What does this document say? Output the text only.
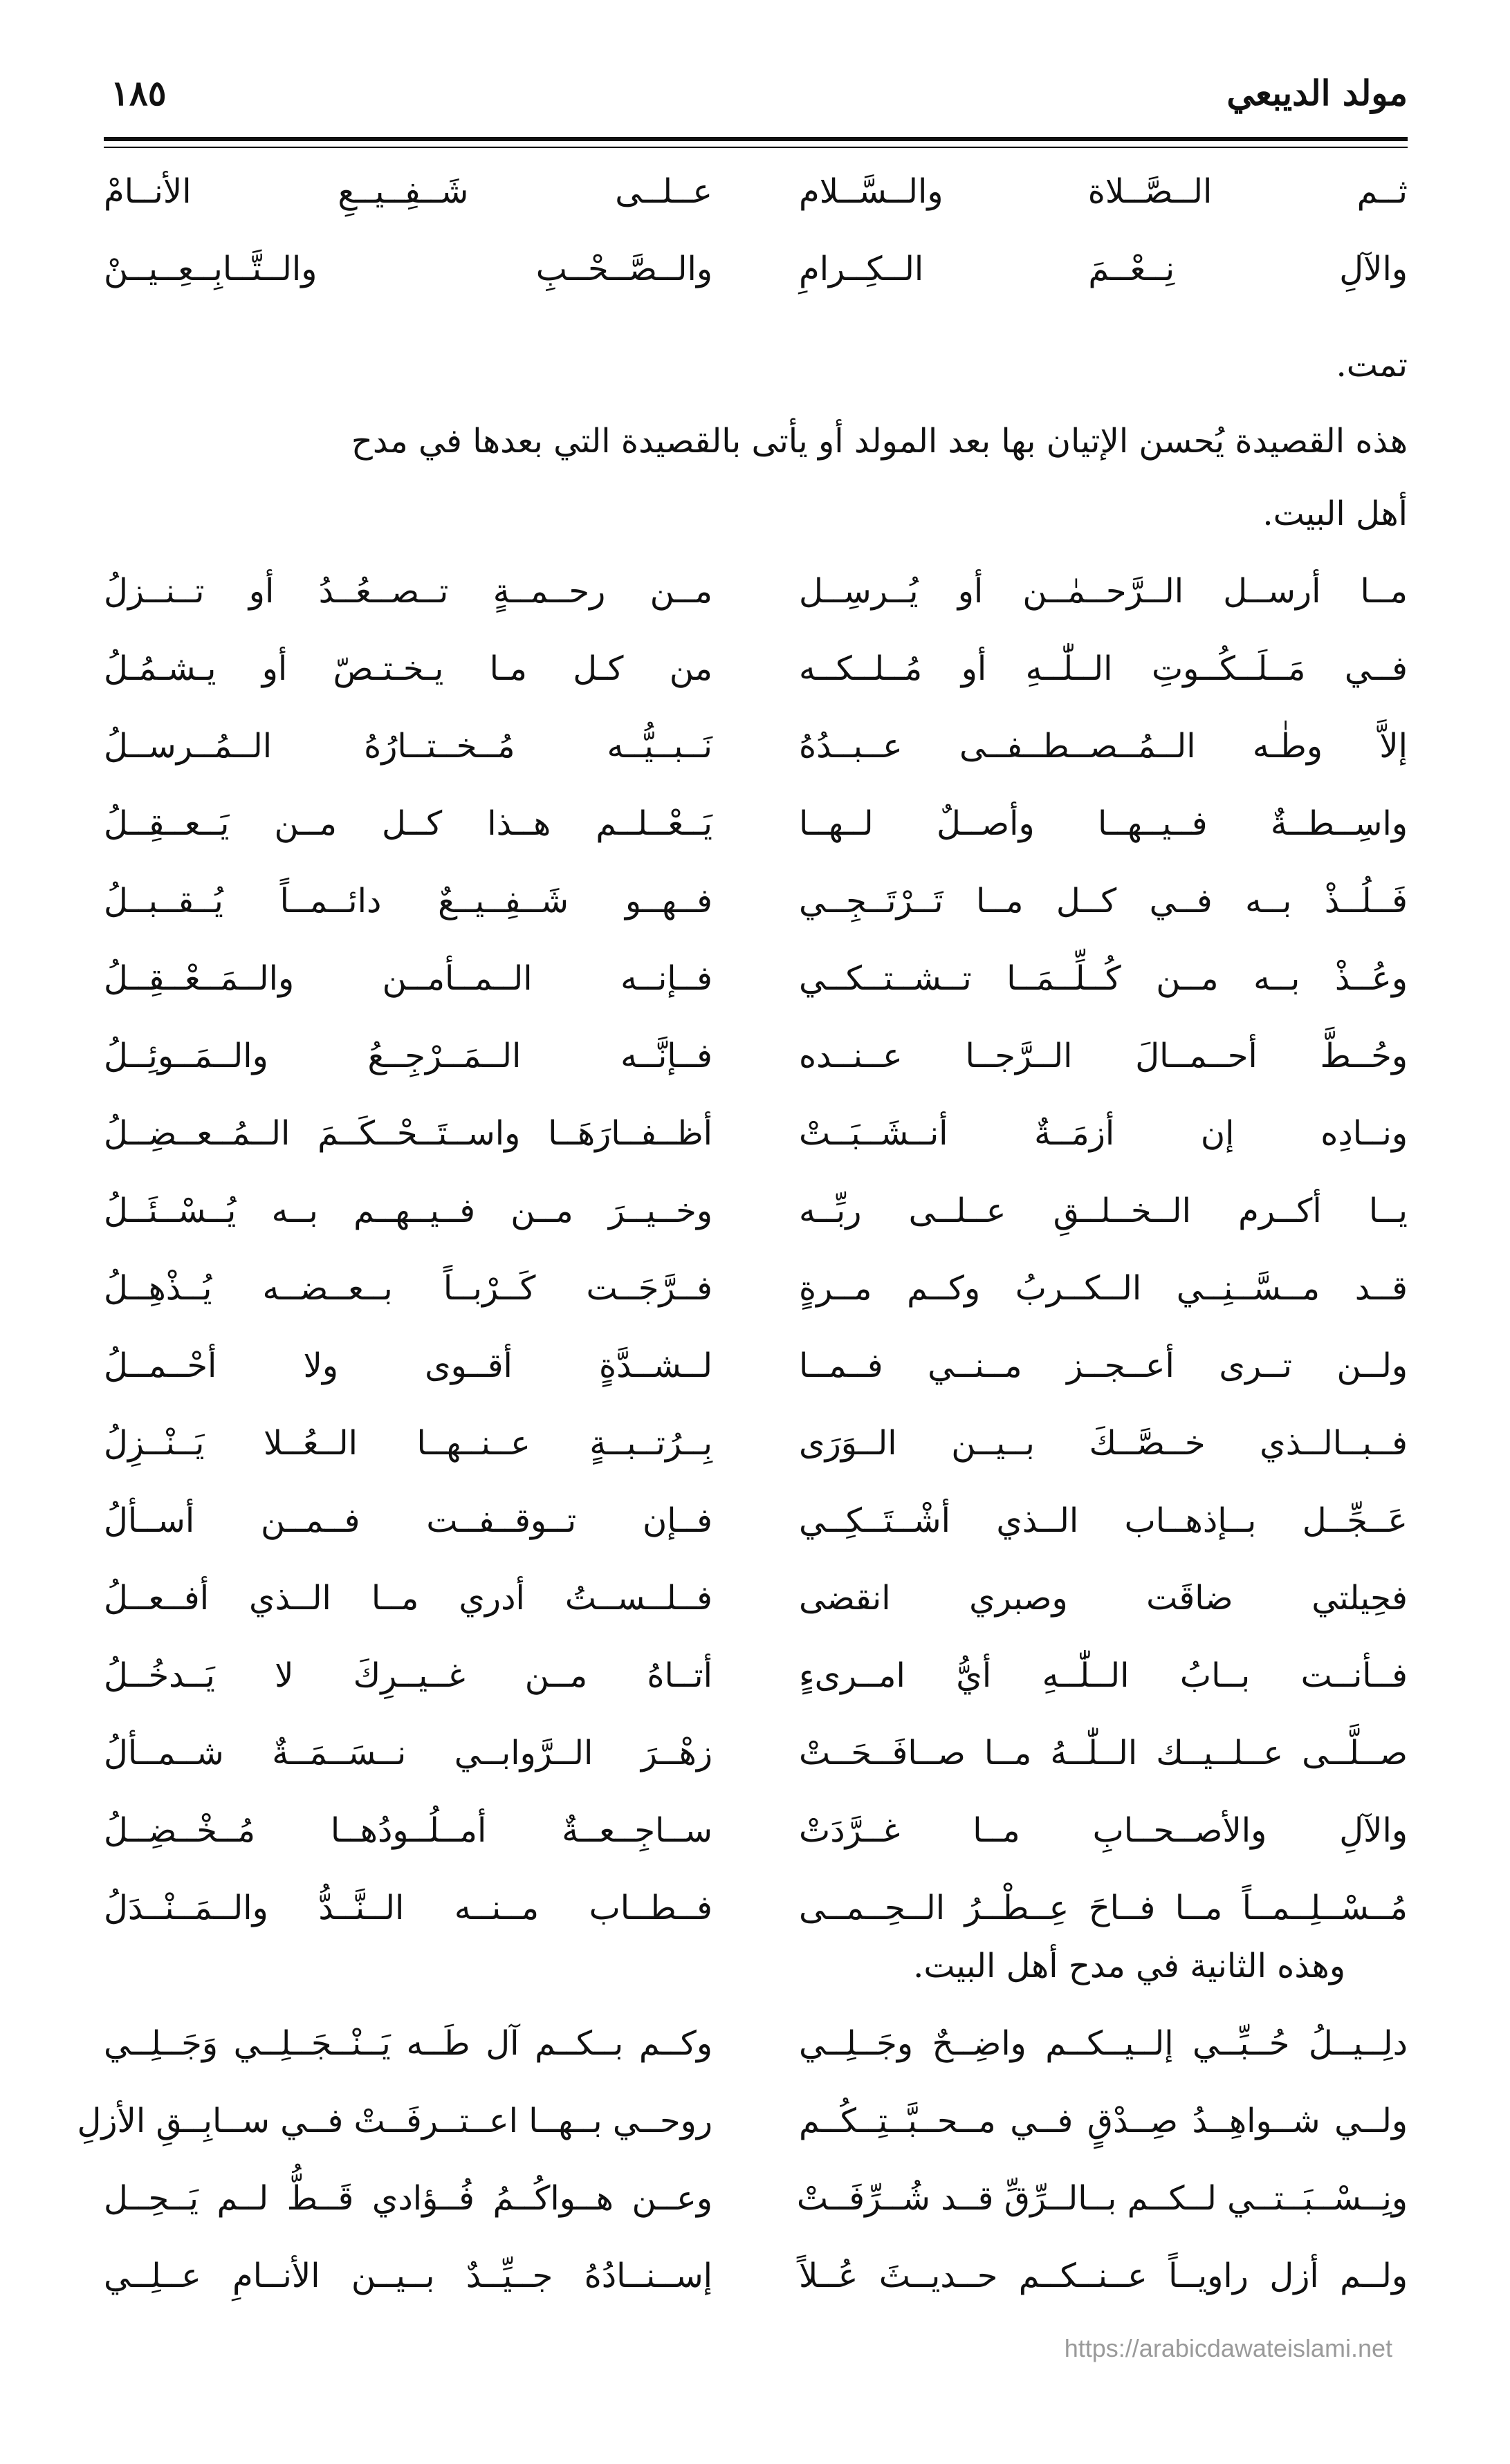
مولد الديبعي
١٨٥
ثــم الــصَّــلاة والــسَّــلام
عــلــى شَــفِــيــعِ الأنــامْ
والآلِ نِــعْــمَ الــكِــرامِ
والــصَّــحْــبِ والــتَّــابِــعِــيــنْ
تمت.
هذه القصيدة يُحسن الإتيان بها بعد المولد أو يأتى بالقصيدة التي بعدها في مدح
أهل البيت.
مــا أرســل الــرَّحــمٰــن أو يُــرسِــل
مــن رحــمــةٍ تــصــعُــدُ أو تــنــزلُ
فــي مَــلَــكُــوتِ الــلّٰــهِ أو مُــلــكــه
من كـل مـا يـخـتـصّ أو يـشـمُـلُ
إلاَّ وطٰـه الــمُــصــطــفــى عــبــدُهُ
نَــبــيُّــه مُــخــتــارُهُ الــمُــرســلُ
واسِــطــةٌ فــيــهــا وأصــلٌ لــهــا
يَــعْــلــم هــذا كــل مــن يَــعــقِــلُ
فَــلُــذْ بــه فــي كــل مــا تَــرْتَــجِــي
فــهــو شَــفِــيــعٌ دائــمــاً يُــقــبــلُ
وعُــذْ بــه مــن كُــلِّــمَــا تــشــتــكــي
فــإنــه الــمــأمــن والــمَــعْــقِــلُ
وحُــطَّ أحــمــالَ الــرَّجــا عــنــده
فــإنَّــه الــمَــرْجِــعُ والــمَــوئِــلُ
ونــادِه إن أزمَــةٌ أنــشَــبَــتْ
أظــفــارَهَــا واســتَــحْــكَــمَ الــمُــعــضِــلُ
يــا أكــرم الــخــلــقِ عــلــى ربِّــه
وخــيــرَ مــن فــيــهــم بــه يُــسْــئَــلُ
قــد مــسَّــنِــي الــكــربُ وكــم مــرةٍ
فــرَّجَــت كَــرْبــاً بــعــضــه يُــذْهِــلُ
ولــن تــرى أعــجــز مــنــي فــمــا
لــشــدَّةٍ أقــوى ولا أحْــمــلُ
فــبــالــذي خــصَّــكَ بــيــن الــوَرَى
بِــرُتــبــةٍ عــنــهــا الــعُــلا يَــنْــزِلُ
عَــجِّــل بــإذهــاب الــذي أشْــتَــكِــي
فــإن تــوقــفــت فــمــن أســألُ
فحِيلتي ضاقَت وصبري انقضى
فــلــســتُ أدري مــا الــذي أفــعــلُ
فــأنــت بــابُ الــلّٰــهِ أيُّ امــرىءٍ
أتــاهُ مــن غــيــرِكَ لا يَــدخُــلُ
صــلَّــى عــلــيــك الــلّٰــهُ مــا صــافَــحَــتْ
زهْــرَ الــرَّوابــي نــسَــمَــةٌ شــمــألُ
والآلِ والأصــحــابِ مــا غــرَّدَتْ
ســاجِــعــةٌ أمــلُــودُهــا مُــخْــضِــلُ
مُــسْــلِــمــاً مــا فــاحَ عِــطْــرُ الــحِــمــى
فــطــاب مــنــه الــنَّــدُّ والــمَــنْــدَلُ
وهذه الثانية في مدح أهل البيت.
دلِــيــلُ حُــبِّــي إلــيــكــم واضِــحٌ وجَــلِــي
وكــم بــكــم آل طَــه يَــنْــجَــلِــي وَجَــلِــي
ولــي شــواهِــدُ صِــدْقٍ فــي مــحــبَّــتِــكُــم
روحــي بــهــا اعــتــرفَــتْ فــي ســابِــقِ الأزلِ
ونِــسْــبَــتــي لــكــم بــالــرِّقِّ قــد شُــرِّفَــتْ
وعــن هــواكُــمُ فُــؤادي قَــطُّ لــم يَــحِــل
ولــم أزل راويــاً عــنــكــم حــديــثَ عُــلاً
إســنــادُهُ جــيِّــدٌ بــيــن الأنــامِ عــلِــي
https://arabicdawateislami.net
